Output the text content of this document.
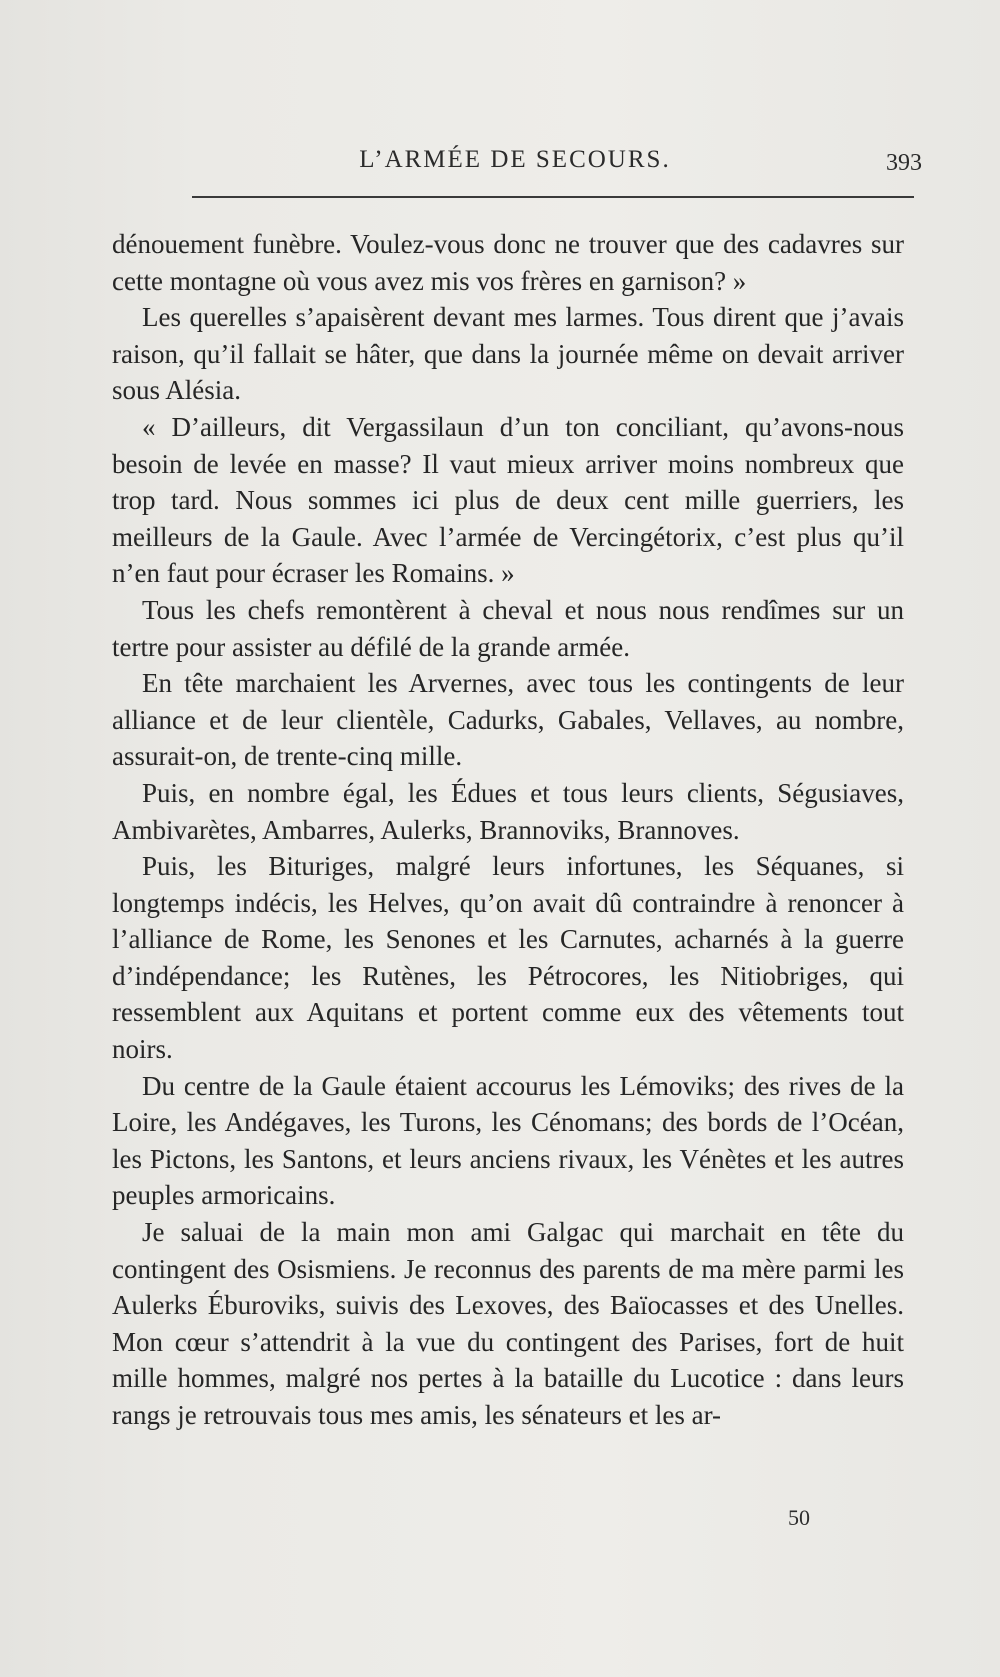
L’ARMÉE DE SECOURS.	393

dénouement funèbre. Voulez-vous donc ne trouver que des cadavres sur cette montagne où vous avez mis vos frères en garnison? »

Les querelles s’apaisèrent devant mes larmes. Tous dirent que j’avais raison, qu’il fallait se hâter, que dans la journée même on devait arriver sous Alésia.

« D’ailleurs, dit Vergassilaun d’un ton conciliant, qu’avons-nous besoin de levée en masse? Il vaut mieux arriver moins nombreux que trop tard. Nous sommes ici plus de deux cent mille guerriers, les meilleurs de la Gaule. Avec l’armée de Vercingétorix, c’est plus qu’il n’en faut pour écraser les Romains. »

Tous les chefs remontèrent à cheval et nous nous rendîmes sur un tertre pour assister au défilé de la grande armée.

En tête marchaient les Arvernes, avec tous les contingents de leur alliance et de leur clientèle, Cadurks, Gabales, Vellaves, au nombre, assurait-on, de trente-cinq mille.

Puis, en nombre égal, les Édues et tous leurs clients, Ségusiaves, Ambivarètes, Ambarres, Aulerks, Brannoviks, Brannoves.

Puis, les Bituriges, malgré leurs infortunes, les Séquanes, si longtemps indécis, les Helves, qu’on avait dû contraindre à renoncer à l’alliance de Rome, les Senones et les Carnutes, acharnés à la guerre d’indépendance; les Rutènes, les Pétrocores, les Nitiobriges, qui ressemblent aux Aquitans et portent comme eux des vêtements tout noirs.

Du centre de la Gaule étaient accourus les Lémoviks; des rives de la Loire, les Andégaves, les Turons, les Cénomans; des bords de l’Océan, les Pictons, les Santons, et leurs anciens rivaux, les Vénètes et les autres peuples armoricains.

Je saluai de la main mon ami Galgac qui marchait en tête du contingent des Osismiens. Je reconnus des parents de ma mère parmi les Aulerks Éburoviks, suivis des Lexoves, des Baïocasses et des Unelles. Mon cœur s’attendrit à la vue du contingent des Parises, fort de huit mille hommes, malgré nos pertes à la bataille du Lucotice : dans leurs rangs je retrouvais tous mes amis, les sénateurs et les ar-

50
